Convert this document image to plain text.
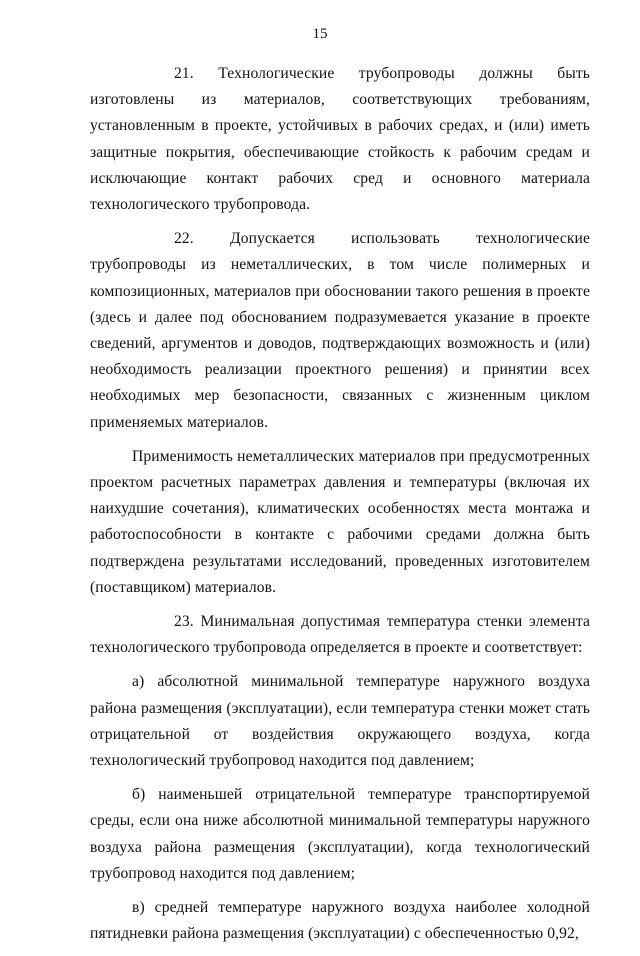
15

21. Технологические трубопроводы должны быть изготовлены из материалов, соответствующих требованиям, установленным в проекте, устойчивых в рабочих средах, и (или) иметь защитные покрытия, обеспечивающие стойкость к рабочим средам и исключающие контакт рабочих сред и основного материала технологического трубопровода.

22. Допускается использовать технологические трубопроводы из неметаллических, в том числе полимерных и композиционных, материалов при обосновании такого решения в проекте (здесь и далее под обоснованием подразумевается указание в проекте сведений, аргументов и доводов, подтверждающих возможность и (или) необходимость реализации проектного решения) и принятии всех необходимых мер безопасности, связанных с жизненным циклом применяемых материалов.

Применимость неметаллических материалов при предусмотренных проектом расчетных параметрах давления и температуры (включая их наихудшие сочетания), климатических особенностях места монтажа и работоспособности в контакте с рабочими средами должна быть подтверждена результатами исследований, проведенных изготовителем (поставщиком) материалов.

23. Минимальная допустимая температура стенки элемента технологического трубопровода определяется в проекте и соответствует:

а) абсолютной минимальной температуре наружного воздуха района размещения (эксплуатации), если температура стенки может стать отрицательной от воздействия окружающего воздуха, когда технологический трубопровод находится под давлением;

б) наименьшей отрицательной температуре транспортируемой среды, если она ниже абсолютной минимальной температуры наружного воздуха района размещения (эксплуатации), когда технологический трубопровод находится под давлением;

в) средней температуре наружного воздуха наиболее холодной пятидневки района размещения (эксплуатации) с обеспеченностью 0,92,
